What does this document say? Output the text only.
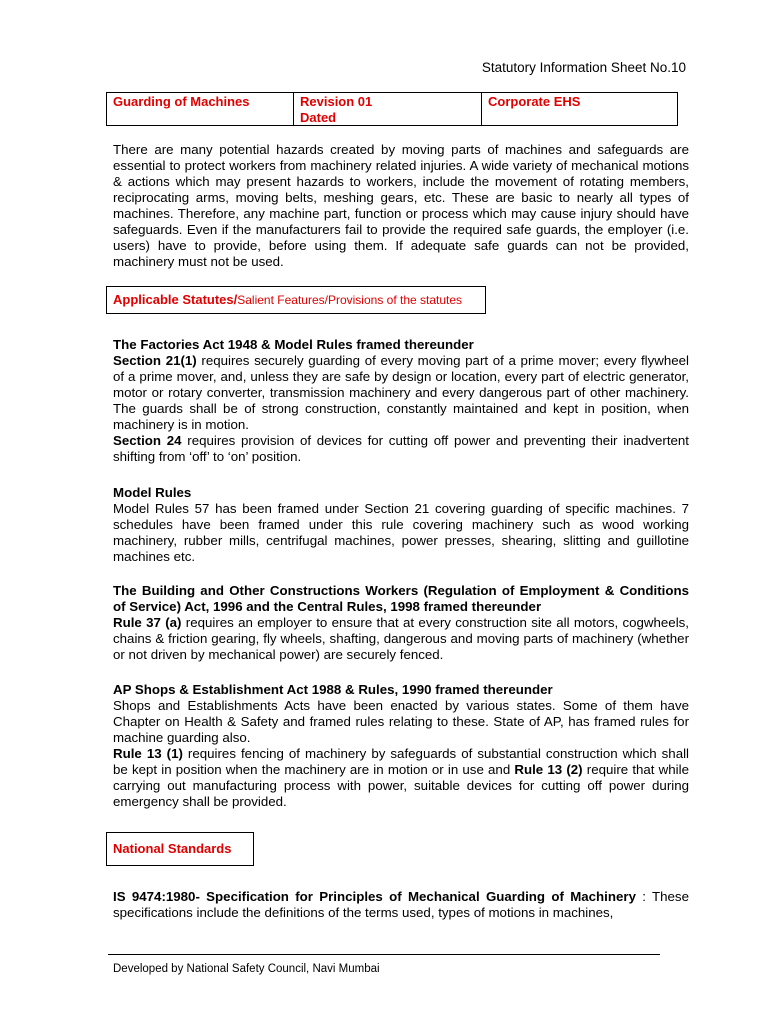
Statutory Information Sheet No.10
Guarding of Machines	Revision 01
Dated
Corporate EHS
There are many potential hazards created by moving parts of machines and safeguards are essential to protect workers from machinery related injuries. A wide variety of mechanical motions & actions which may present hazards to workers, include the movement of rotating members, reciprocating arms, moving belts, meshing gears, etc. These are basic to nearly all types of machines. Therefore, any machine part, function or process which may cause injury should have safeguards. Even if the manufacturers fail to provide the required safe guards, the employer (i.e. users) have to provide, before using them. If adequate safe guards can not be provided, machinery must not be used.
Applicable Statutes/Salient Features/Provisions of the statutes
The Factories Act 1948 & Model Rules framed thereunder
Section 21(1) requires securely guarding of every moving part of a prime mover; every flywheel of a prime mover, and, unless they are safe by design or location, every part of electric generator, motor or rotary converter, transmission machinery and every dangerous part of other machinery. The guards shall be of strong construction, constantly maintained and kept in position, when machinery is in motion.
Section 24 requires provision of devices for cutting off power and preventing their inadvertent shifting from ‘off’ to ‘on’ position.
Model Rules
Model Rules 57 has been framed under Section 21 covering guarding of specific machines. 7 schedules have been framed under this rule covering machinery such as wood working machinery, rubber mills, centrifugal machines, power presses, shearing, slitting and guillotine machines etc.
The Building and Other Constructions Workers (Regulation of Employment & Conditions of Service) Act, 1996 and the Central Rules, 1998 framed thereunder
Rule 37 (a) requires an employer to ensure that at every construction site all motors, cogwheels, chains & friction gearing, fly wheels, shafting, dangerous and moving parts of machinery (whether or not driven by mechanical power) are securely fenced.
AP Shops & Establishment Act 1988 & Rules, 1990 framed thereunder
Shops and Establishments Acts have been enacted by various states. Some of them have Chapter on Health & Safety and framed rules relating to these. State of AP, has framed rules for machine guarding also.
Rule 13 (1) requires fencing of machinery by safeguards of substantial construction which shall be kept in position when the machinery are in motion or in use and Rule 13 (2) require that while carrying out manufacturing process with power, suitable devices for cutting off power during emergency shall be provided.
National Standards
IS 9474:1980- Specification for Principles of Mechanical Guarding of Machinery : These specifications include the definitions of the terms used, types of motions in machines,
Developed by National Safety Council, Navi Mumbai
